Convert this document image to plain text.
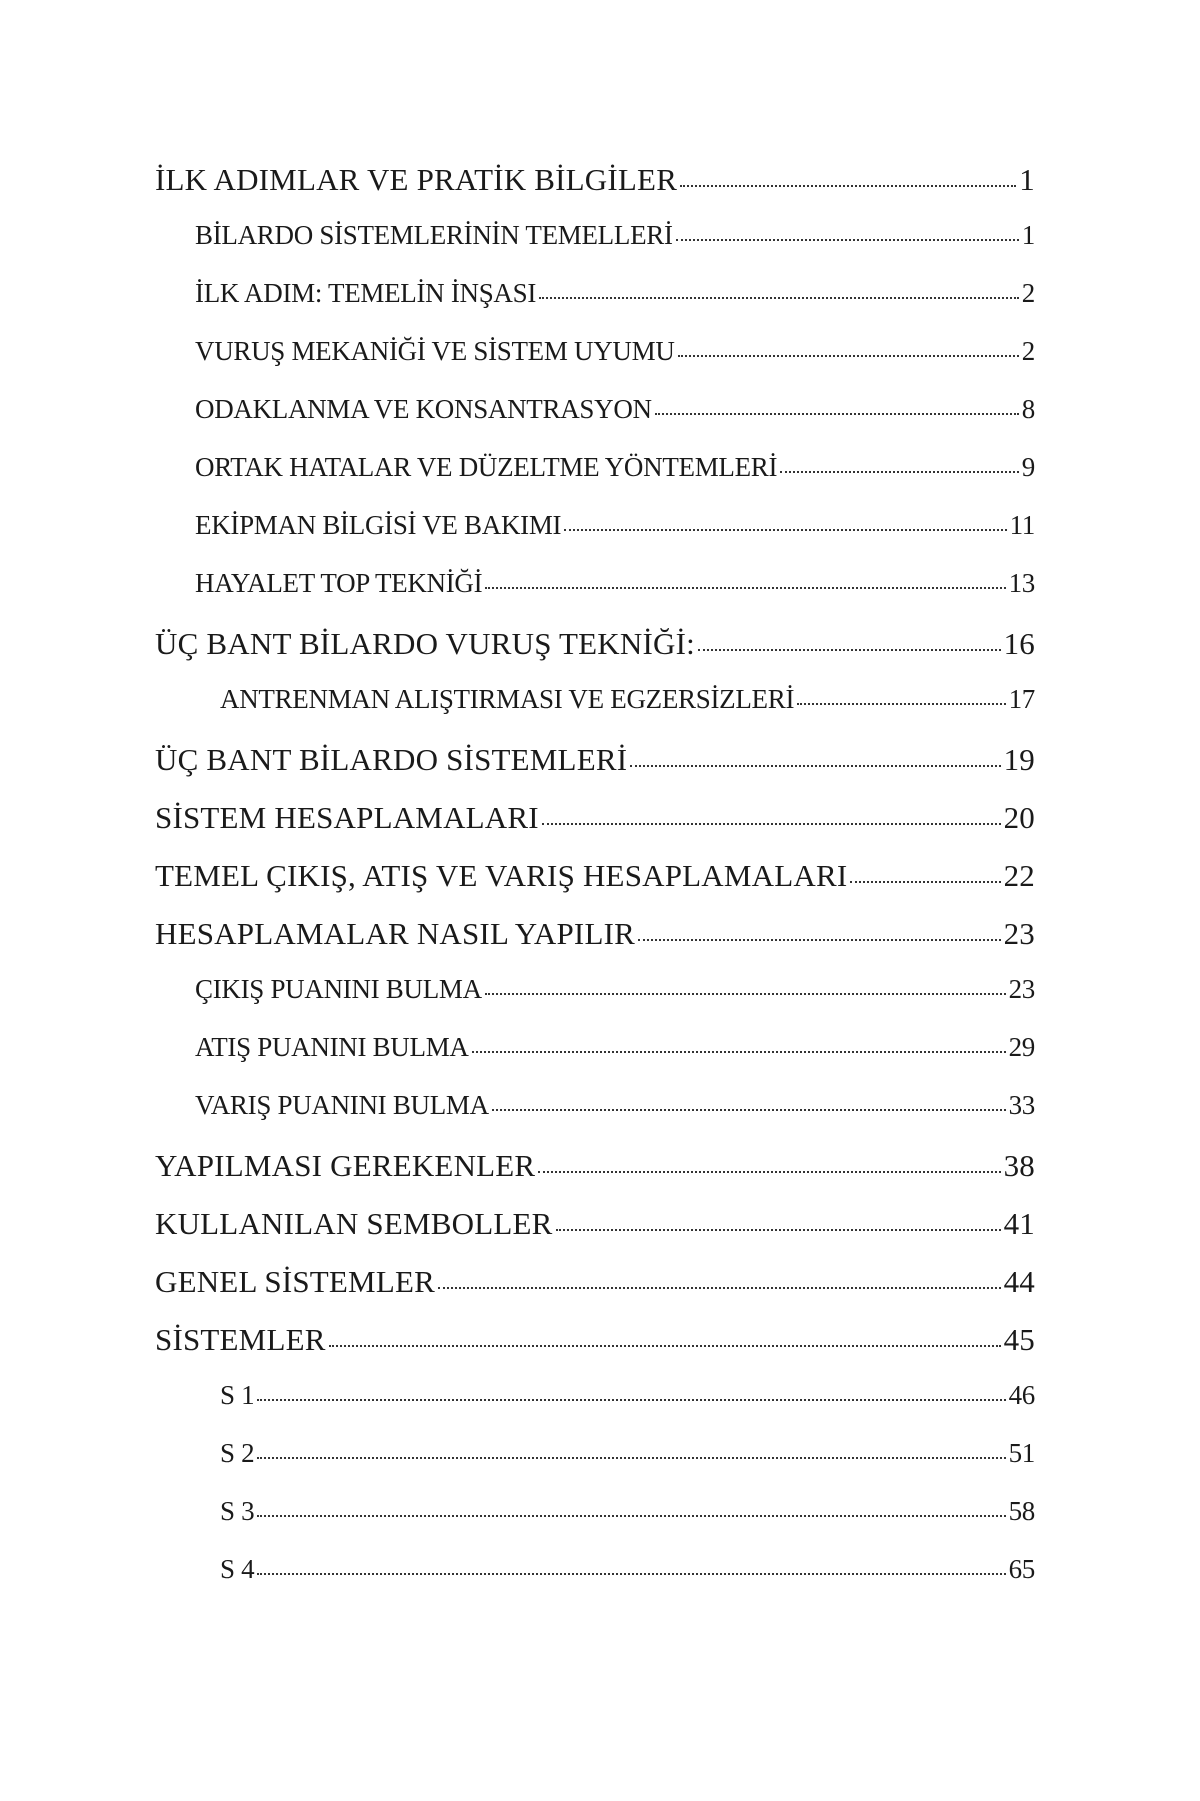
İLK ADIMLAR VE PRATİK BİLGİLER	1
BİLARDO SİSTEMLERİNİN TEMELLERİ	1
İLK ADIM: TEMELİN İNŞASI	2
VURUŞ MEKANİĞİ VE SİSTEM UYUMU	2
ODAKLANMA VE KONSANTRASYON	8
ORTAK HATALAR VE DÜZELTME YÖNTEMLERİ	9
EKİPMAN BİLGİSİ VE BAKIMI	11
HAYALET TOP TEKNİĞİ	13
ÜÇ BANT BİLARDO VURUŞ TEKNİĞİ:	16
ANTRENMAN ALIŞTIRMASI VE EGZERSİZLERİ	17
ÜÇ BANT BİLARDO SİSTEMLERİ	19
SİSTEM HESAPLAMALARI	20
TEMEL ÇIKIŞ, ATIŞ VE VARIŞ HESAPLAMALARI	22
HESAPLAMALAR NASIL YAPILIR	23
ÇIKIŞ PUANINI BULMA	23
ATIŞ PUANINI BULMA	29
VARIŞ PUANINI BULMA	33
YAPILMASI GEREKENLER	38
KULLANILAN SEMBOLLER	41
GENEL SİSTEMLER	44
SİSTEMLER	45
S 1	46
S 2	51
S 3	58
S 4	65
